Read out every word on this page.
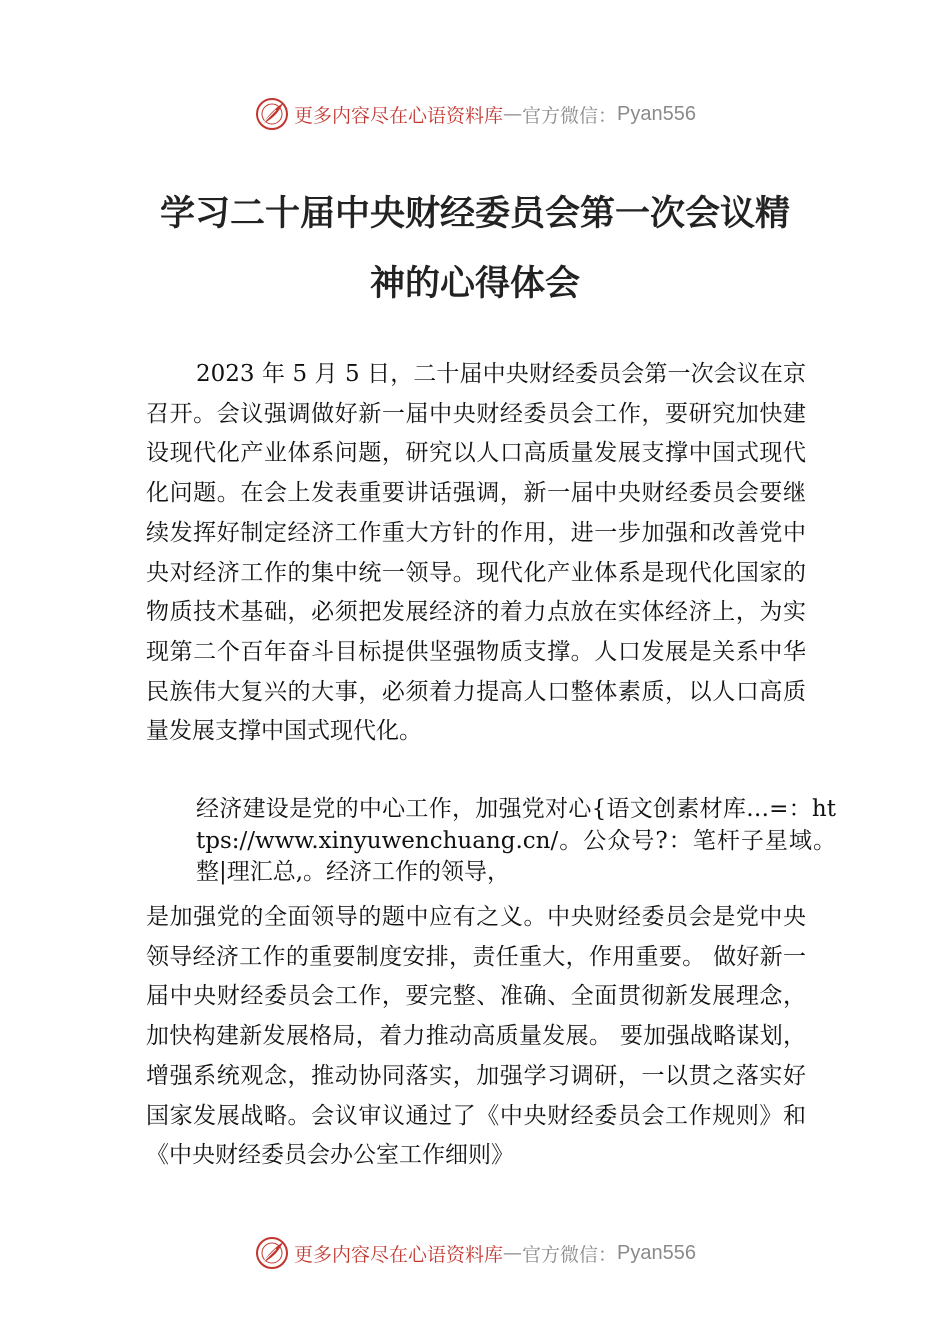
更多内容尽在心语资料库 — 官方微信： Pyan556
学习二十届中央财经委员会第一次会议精
神的心得体会
2023 年 5 月 5 日，二十届中央财经委员会第一次会议在京召开。会议强调做好新一届中央财经委员会工作，要研究加快建设现代化产业体系问题，研究以人口高质量发展支撑中国式现代化问题。在会上发表重要讲话强调，新一届中央财经委员会要继续发挥好制定经济工作重大方针的作用，进一步加强和改善党中央对经济工作的集中统一领导。现代化产业体系是现代化国家的物质技术基础，必须把发展经济的着力点放在实体经济上，为实现第二个百年奋斗目标提供坚强物质支撑。人口发展是关系中华民族伟大复兴的大事，必须着力提高人口整体素质，以人口高质量发展支撑中国式现代化。
经济建设是党的中心工作，加强党对心{语文创素材库…=：https://www.xinyuwenchuang.cn/。公众号?：笔杆子星域。整|理汇总,。经济工作的领导，
是加强党的全面领导的题中应有之义。中央财经委员会是党中央领导经济工作的重要制度安排，责任重大，作用重要。 做好新一届中央财经委员会工作，要完整、准确、全面贯彻新发展理念，加快构建新发展格局，着力推动高质量发展。 要加强战略谋划，增强系统观念，推动协同落实，加强学习调研，一以贯之落实好国家发展战略。会议审议通过了《中央财经委员会工作规则》和《中央财经委员会办公室工作细则》
更多内容尽在心语资料库 — 官方微信： Pyan556
